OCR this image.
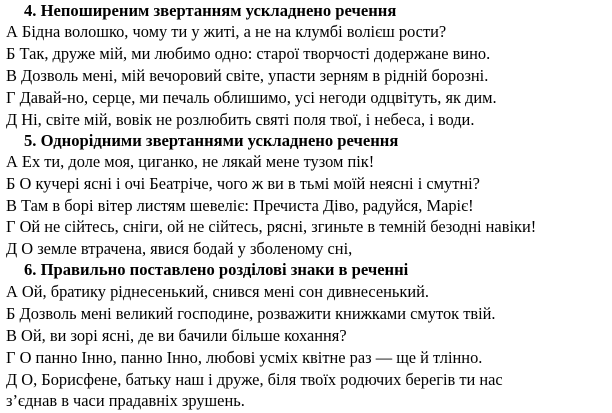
4. Непоширеним звертанням ускладнено речення
А Бідна волошко, чому ти у житі, а не на клумбі волієш рости?
Б Так, друже мій, ми любимо одно: старої творчості додержане вино.
В Дозволь мені, мій вечоровий світе, упасти зерням в рідній борозні.
Г Давай-но, серце, ми печаль облишимо, усі негоди одцвітуть, як дим.
Д Ні, світе мій, вовік не розлюбить святі поля твої, і небеса, і води.
5. Однорідними звертаннями ускладнено речення
А Ех ти, доле моя, циганко, не лякай мене тузом пік!
Б О кучері ясні і очі Беатріче, чого ж ви в тьмі моїй неясні і смутні?
В Там в борі вітер листям шевеліє: Пречиста Діво, радуйся, Маріє!
Г Ой не сійтесь, сніги, ой не сійтесь, рясні, згиньте в темній безодні навіки!
Д О земле втрачена, явися бодай у зболеному сні,
6. Правильно поставлено розділові знаки в реченні
А Ой, братику ріднесенький, снився мені сон дивнесенький.
Б Дозволь мені великий господине, розважити книжками смуток твій.
В Ой, ви зорі ясні, де ви бачили більше кохання?
Г О панно Інно, панно Інно, любові усміх квітне раз — ще й тлінно.
Д О, Борисфене, батьку наш і друже, біля твоїх родючих берегів ти нас
з’єднав в часи прадавніх зрушень.
